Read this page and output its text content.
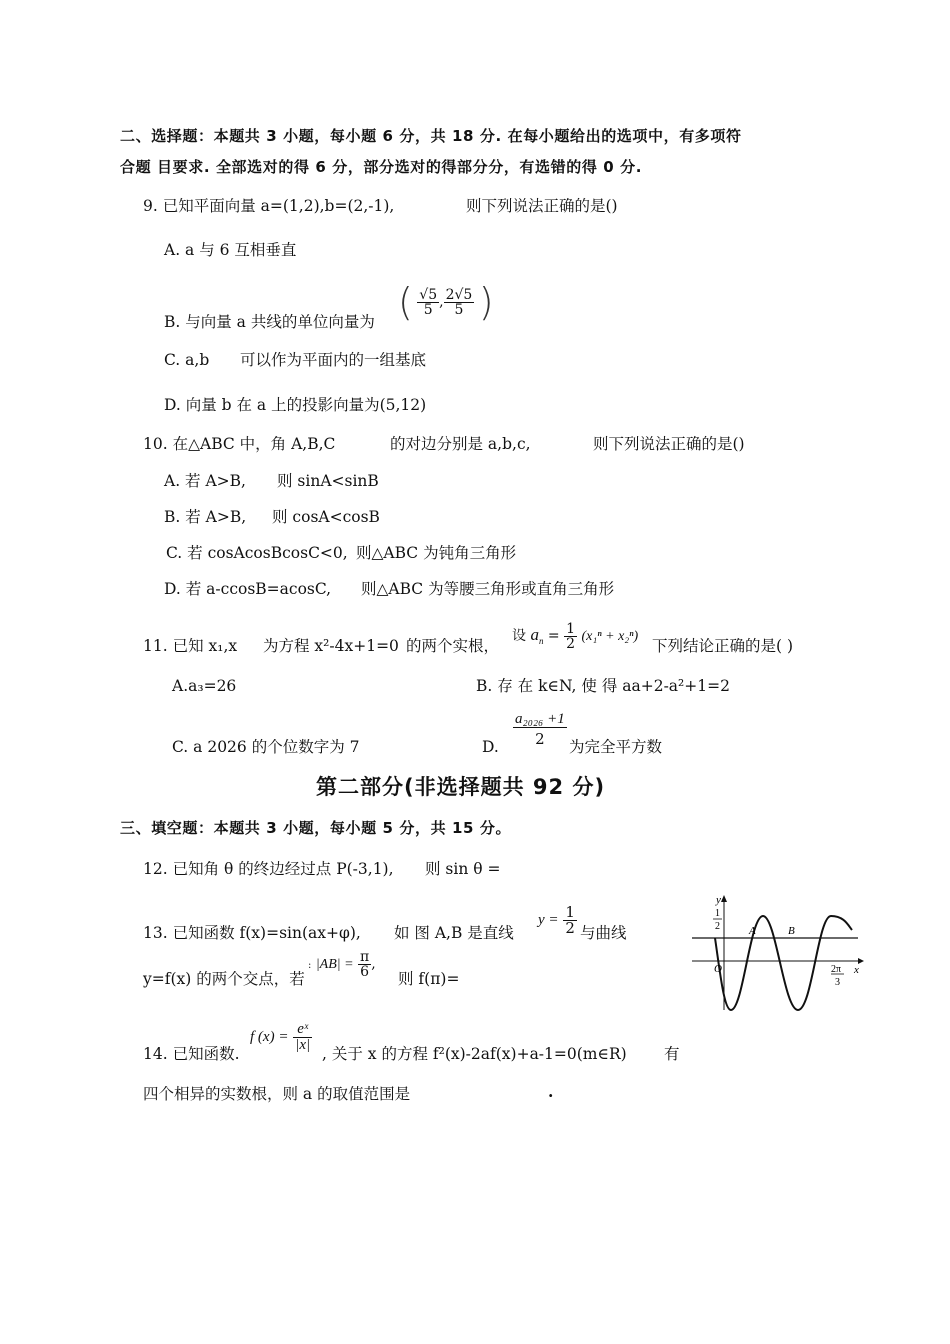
二、选择题：本题共 3 小题，每小题 6 分，共 18 分. 在每小题给出的选项中，有多项符
合题 目要求. 全部选对的得 6 分，部分选对的得部分分，有选错的得 0 分.
9. 已知平面向量 a=(1,2),b=(2,-1),	则下列说法正确的是()
A. a 与 6 互相垂直
B. 与向量 a 共线的单位向量为 ( $\frac{√5}{5}$ , $\frac{2√5}{5}$ )
C. a,b 可以作为平面内的一组基底
D. 向量 b 在 a 上的投影向量为(5,12)
10. 在△ABC 中，角 A,B,C	的对边分别是 a,b,c,	则下列说法正确的是()
A. 若 A>B, 则 sinA<sinB
B. 若 A>B, 则 cosA<cosB
C. 若 cosAcosBcosC<0, 则△ABC 为钝角三角形
D. 若 a-ccosB=acosC, 则△ABC 为等腰三角形或直角三角形
11. 已知 x₁,x 为方程 x²-4x+1=0 的两个实根，
设 $a_n = \frac{1}{2} (x_1^n + x_2^n)$
下列结论正确的是( )
A.a₃=26	B. 存 在 k∈N, 使 得 aa+2-a²+1=2
C. a 2026 的个位数字为 7	D. $\frac{\text{a₂₀₂₆ +1}}{2}$ 为完全平方数
第二部分(非选择题共 92 分)
三、填空题：本题共 3 小题，每小题 5 分，共 15 分。
12. 已知角 θ 的终边经过点 P(-3,1), 则 sin θ =
13. 已知函数 f(x)=sin(ax+φ), 如 图 A,B 是直线
$y = \frac{1}{2}$ 与曲线
y=f(x) 的两个交点，若
: $|AB| = \frac{\pi}{6}$ ,
则 f(π)=
y
x
O
1
2	A	B
2π
3
14. 已知函数.
f $(x) = \frac{\text{eˣ}}{|x|}$
, 关于 x 的方程 f²(x)-2af(x)+a-1=0(m∈R) 有
四个相异的实数根，则 a 的取值范围是	.
